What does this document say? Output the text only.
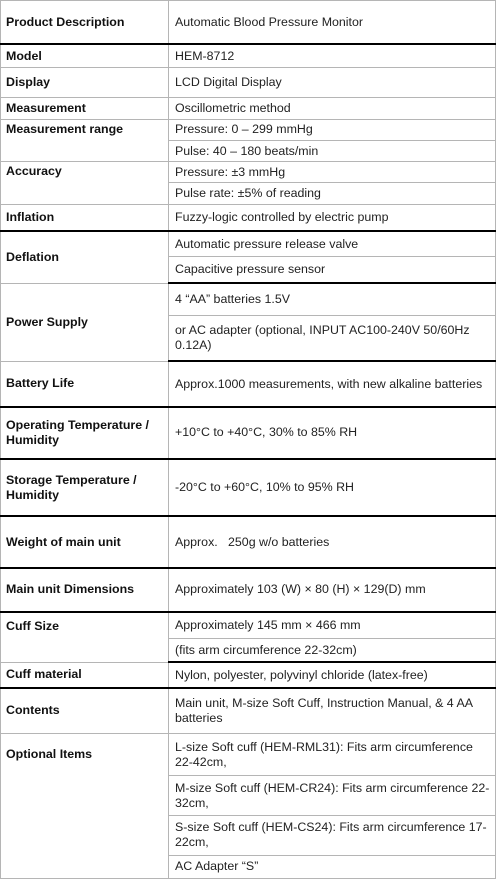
Product Description	Automatic Blood Pressure Monitor
Model	HEM-8712
Display	LCD Digital Display
Measurement	Oscillometric method
Measurement range	Pressure: 0 – 299 mmHg
	Pulse: 40 – 180 beats/min
Accuracy	Pressure: ±3 mmHg
	Pulse rate: ±5% of reading
Inflation	Fuzzy-logic controlled by electric pump
Deflation	Automatic pressure release valve
	Capacitive pressure sensor
Power Supply	4 “AA” batteries 1.5V
	or AC adapter (optional, INPUT AC100-240V 50/60Hz 0.12A)
Battery Life	Approx.1000 measurements, with new alkaline batteries
Operating Temperature / Humidity	+10°C to +40°C, 30% to 85% RH
Storage Temperature / Humidity	-20°C to +60°C, 10% to 95% RH
Weight of main unit	Approx.   250g w/o batteries
Main unit Dimensions	Approximately 103 (W) × 80 (H) × 129(D) mm
Cuff Size	Approximately 145 mm × 466 mm
	(fits arm circumference 22-32cm)
Cuff material	Nylon, polyester, polyvinyl chloride (latex-free)
Contents	Main unit, M-size Soft Cuff, Instruction Manual, & 4 AA batteries
Optional Items	L-size Soft cuff (HEM-RML31): Fits arm circumference 22-42cm,
	M-size Soft cuff (HEM-CR24): Fits arm circumference 22-32cm,
	S-size Soft cuff (HEM-CS24): Fits arm circumference 17-22cm,
	AC Adapter “S”
